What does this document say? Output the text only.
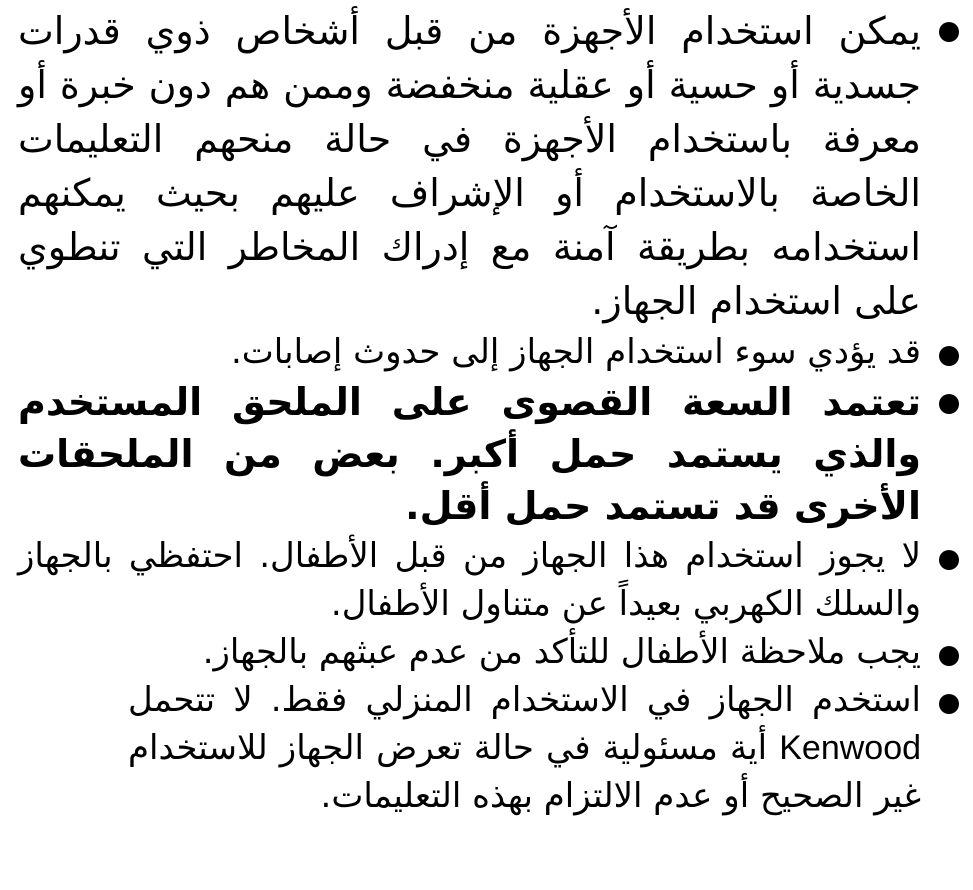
يمكن استخدام الأجهزة من قبل أشخاص ذوي قدرات جسدية أو حسية أو عقلية منخفضة وممن هم دون خبرة أو معرفة باستخدام الأجهزة في حالة منحهم التعليمات الخاصة بالاستخدام أو الإشراف عليهم بحيث يمكنهم استخدامه بطريقة آمنة مع إدراك المخاطر التي تنطوي على استخدام الجهاز.
قد يؤدي سوء استخدام الجهاز إلى حدوث إصابات.
تعتمد السعة القصوى على الملحق المستخدم والذي يستمد حمل أكبر. بعض من الملحقات الأخرى قد تستمد حمل أقل.
لا يجوز استخدام هذا الجهاز من قبل الأطفال. احتفظي بالجهاز والسلك الكهربي بعيداً عن متناول الأطفال.
يجب ملاحظة الأطفال للتأكد من عدم عبثهم بالجهاز.
استخدم الجهاز في الاستخدام المنزلي فقط. لا تتحمل Kenwood أية مسئولية في حالة تعرض الجهاز للاستخدام غير الصحيح أو عدم الالتزام بهذه التعليمات.
